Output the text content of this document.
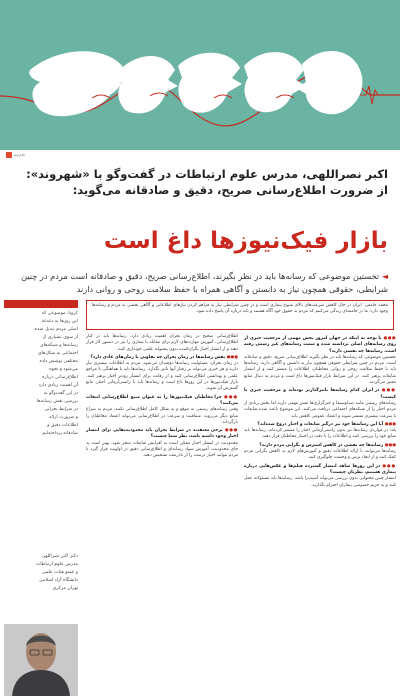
جام‌جم
اکبر نصراللهی، مدرس علوم ارتباطات در گفت‌وگو با «شهروند»: از ضرورت اطلاع‌رسانی صریح، دقیق و صادقانه می‌گوید:
بازار فیک‌نیوزها داغ است
◄ تخستین موضوعی که رسانه‌ها باید در نظر بگیرند، اطلاع‌رسانی صریح، دقیق و صادقانه است مردم در چنین شرایطی، حقوقی همچون نیاز به دانستن و آگاهی همراه با حفظ سلامت روحی و روانی دارند
محمد جامعی: ایران در حال کاهش سرعت‌های بالای شیوع بیماری است و در چنین شرایطی نیاز به فراهم کردن نیازهای اطلاعاتی و آگاهی بخشی به مردم و رسانه‌ها وجود دارد؛ ما در جامعه‌ای زندگی می‌کنیم که مردم به حقوق خود آگاه هستند و باید درباره آن پاسخ داده شود.
کرونا، موضوعی که
این روزها به دغدغه
اصلی مردم تبدیل شده،
از سوی بسیاری از
رسانه‌ها و شبکه‌های
اجتماعی به شکل‌های
مختلفی پوشش داده
می‌شود و نحوه
اطلاع‌رسانی درباره
آن اهمیت زیادی دارد
در این گفت‌وگو به
بررسی نقش رسانه‌ها
در شرایط بحرانی
و ضرورت ارائه
اطلاعات دقیق و
صادقانه پرداخته‌ایم
دکتر اکبر نصراللهی
مدرس علوم ارتباطات
و عضو هیات علمی
دانشگاه آزاد اسلامی
تهران مرکزی
●●● با توجه به اینکه در جهان امروز بخش مهمی از مرجعیت خبری از روی رسانه‌های اصلی برداشته شده و سمت رسانه‌های غیر رسمی رفته است، رسانه‌ها چه نقشی دارند؟
نخستین موضوعی که رسانه‌ها باید در نظر بگیرند اطلاع‌رسانی صریح، دقیق و صادقانه است. مردم در چنین شرایطی حقوقی همچون نیاز به دانستن و آگاهی دارند. رسانه‌ها باید با حفظ سلامت روحی و روانی مخاطبان، اطلاعات را منتشر کنند و از انتشار شایعات پرهیز کنند. در این شرایط بازار فیک‌نیوزها داغ است و مردم به دنبال منابع معتبر می‌گردند.
●●● در ایران کدام رسانه‌ها تاثیرگذارتر بوده‌اند و مرجعیت خبری با کیست؟
رسانه‌های رسمی مانند صداوسیما و خبرگزاری‌ها نقش مهمی دارند اما بخش زیادی از مردم اخبار را از شبکه‌های اجتماعی دریافت می‌کنند. این موضوع باعث شده شایعات با سرعت بیشتری منتشر شوند و اعتماد عمومی کاهش یابد.
●●● آیا این رسانه‌ها خود نیز درگیر شایعات و اخبار دروغ شده‌اند؟
بله؛ در مواردی رسانه‌ها نیز بدون راستی‌آزمایی اخبار را منتشر کرده‌اند. رسانه‌ها باید منابع خود را بررسی کنند و اطلاعات را با دقت در اختیار مخاطبان قرار دهند.
●●● رسانه‌ها چه نقشی در کاهش استرس و نگرانی مردم دارند؟
رسانه‌ها می‌توانند با ارائه اطلاعات دقیق و آموزش‌های لازم به کاهش نگرانی مردم کمک کنند و از ایجاد ترس و وحشت جلوگیری کنند.
●●● در این روزها شاهد انتشار گسترده فیلم‌ها و عکس‌هایی درباره بیماری هستیم، نظرتان چیست؟
انتشار چنین محتوایی بدون بررسی می‌تواند آسیب‌زا باشد. رسانه‌ها باید مسئولانه عمل کنند و به حریم خصوصی بیماران احترام بگذارند.
اطلاع‌رسانی صحیح در زمان بحران اهمیت زیادی دارد. رسانه‌ها باید در کنار اطلاع‌رسانی، آموزش مهارت‌های لازم برای مقابله با بیماری را نیز در دستور کار قرار دهند و از انتشار اخبار نگران‌کننده بدون پشتوانه علمی خودداری کنند.
●●● نقش رسانه‌ها در زمان بحران چه تفاوتی با زمان‌های عادی دارد؟
در زمان بحران، مسئولیت رسانه‌ها دوچندان می‌شود. مردم به اطلاعات بیشتری نیاز دارند و هر خبری می‌تواند بر رفتار آنها تاثیر بگذارد. رسانه‌ها باید با هماهنگی با مراجع علمی و بهداشتی اطلاع‌رسانی کنند و از رقابت برای انتشار زودتر اخبار پرهیز کنند. بازار فیک‌نیوزها در این روزها داغ است و رسانه‌ها باید با راستی‌آزمایی اخبار، مانع گسترش آن شوند.
●●● چرا مخاطبان فیک‌نیوزها را به عنوان منبع اطلاع‌رسانی انتخاب می‌کنند؟
وقتی رسانه‌های رسمی به موقع و به شکل کامل اطلاع‌رسانی نکنند، مردم به سراغ منابع دیگر می‌روند. شفافیت و سرعت در اطلاع‌رسانی می‌تواند اعتماد مخاطبان را بازگرداند.
●●● برخی معتقدند در شرایط بحران باید محدودیت‌هایی برای انتشار اخبار وجود داشته باشد، نظر شما چیست؟
محدودیت در انتشار اخبار ممکن است به افزایش شایعات منجر شود. بهتر است به جای محدودیت، آموزش سواد رسانه‌ای و اطلاع‌رسانی دقیق در اولویت قرار گیرد تا مردم بتوانند اخبار درست را از نادرست تشخیص دهند.
